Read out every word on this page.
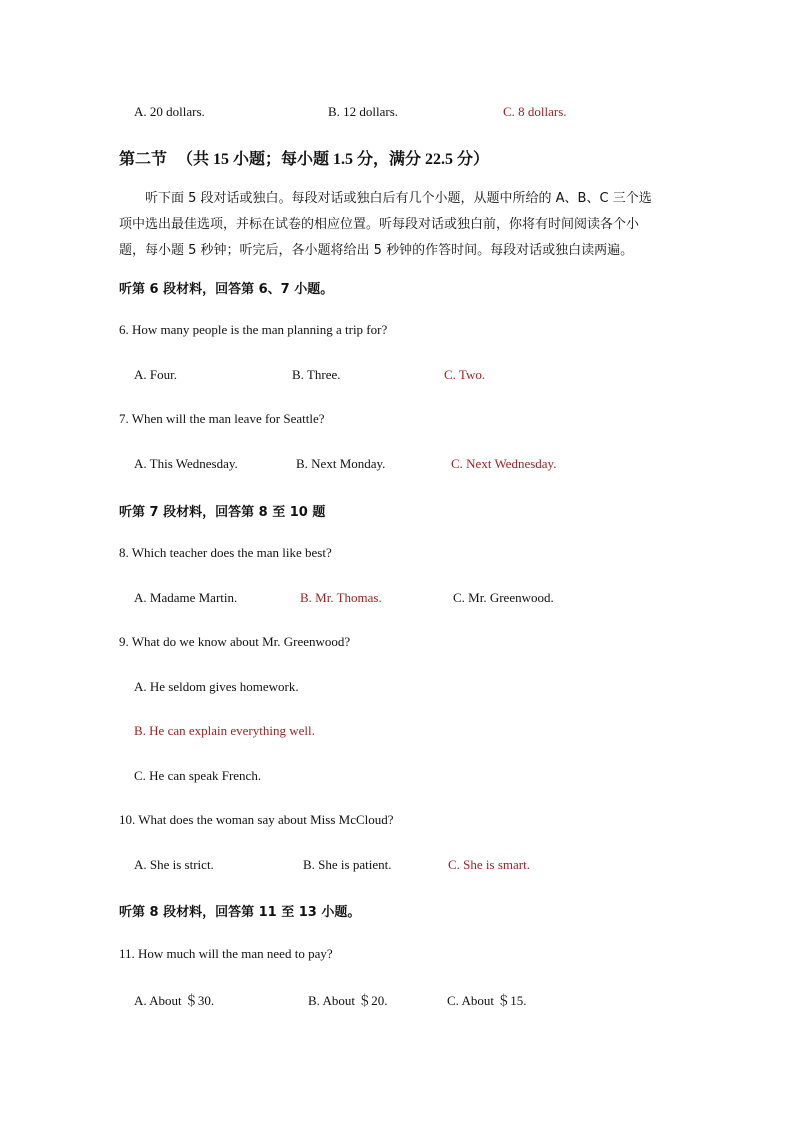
A. 20 dollars.	B. 12 dollars.	C. 8 dollars.
第二节 （共 15 小题；每小题 1.5 分，满分 22.5 分）
听下面 5 段对话或独白。每段对话或独白后有几个小题，从题中所给的 A、B、C 三个选
项中选出最佳选项，并标在试卷的相应位置。听每段对话或独白前，你将有时间阅读各个小
题，每小题 5 秒钟；听完后，各小题将给出 5 秒钟的作答时间。每段对话或独白读两遍。
听第 6 段材料，回答第 6、7 小题。
6. How many people is the man planning a trip for?
A. Four.	B. Three.	C. Two.
7. When will the man leave for Seattle?
A. This Wednesday.	B. Next Monday.	C. Next Wednesday.
听第 7 段材料，回答第 8 至 10 题
8. Which teacher does the man like best?
A. Madame Martin.	B. Mr. Thomas.	C. Mr. Greenwood.
9. What do we know about Mr. Greenwood?
A. He seldom gives homework.
B. He can explain everything well.
C. He can speak French.
10. What does the woman say about Miss McCloud?
A. She is strict.	B. She is patient.	C. She is smart.
听第 8 段材料，回答第 11 至 13 小题。
11. How much will the man need to pay?
A. About ＄30.	B. About ＄20.	C. About ＄15.
